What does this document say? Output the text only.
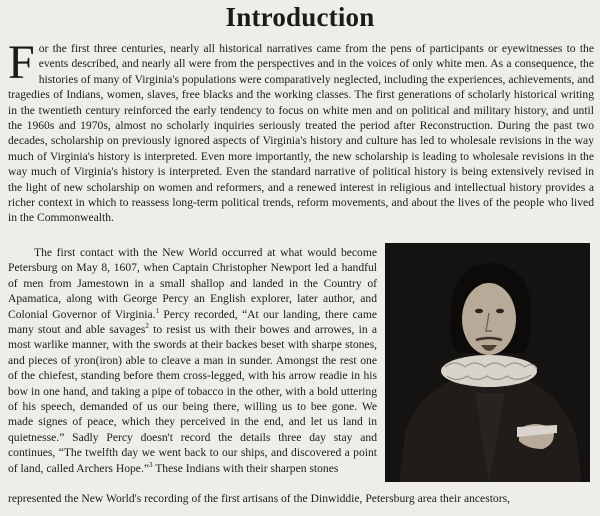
Introduction

For the first three centuries, nearly all historical narratives came from the pens of participants or eyewitnesses to the events described, and nearly all were from the perspectives and in the voices of only white men. As a consequence, the histories of many of Virginia's populations were comparatively neglected, including the experiences, achievements, and tragedies of Indians, women, slaves, free blacks and the working classes. The first generations of scholarly historical writing in the twentieth century reinforced the early tendency to focus on white men and on political and military history, and until the 1960s and 1970s, almost no scholarly inquiries seriously treated the period after Reconstruction. During the past two decades, scholarship on previously ignored aspects of Virginia's history and culture has led to wholesale revisions in the way much of Virginia's history is interpreted. Even more importantly, the new scholarship is leading to wholesale revisions in the way much of Virginia's history is interpreted. Even the standard narrative of political history is being extensively revised in the light of new scholarship on women and reformers, and a renewed interest in religious and intellectual history provides a richer context in which to reassess long-term political trends, reform movements, and about the lives of the people who lived in the Commonwealth.

The first contact with the New World occurred at what would become Petersburg on May 8, 1607, when Captain Christopher Newport led a handful of men from Jamestown in a small shallop and landed in the Country of Apamatica, along with George Percy an English explorer, later author, and Colonial Governor of Virginia.$^1$ Percy recorded, “At our landing, there came many stout and able savages$^2$ to resist us with their bowes and arrowes, in a most warlike manner, with the swords at their backes beset with sharpe stones, and pieces of yron(iron) able to cleave a man in sunder. Amongst the rest one of the chiefest, standing before them cross-legged, with his arrow readie in his bow in one hand, and taking a pipe of tobacco in the other, with a bold uttering of his speech, demanded of us our being there, willing us to bee gone. We made signes of peace, which they perceived in the end, and let us land in quietnesse.” Sadly Percy doesn't record the details three day stay and continues, “The twelfth day we went back to our ships, and discovered a point of land, called Archers Hope.”$^3$ These Indians with their sharpen stones

represented the New World's recording of the first artisans of the Dinwiddie, Petersburg area their ancestors,
